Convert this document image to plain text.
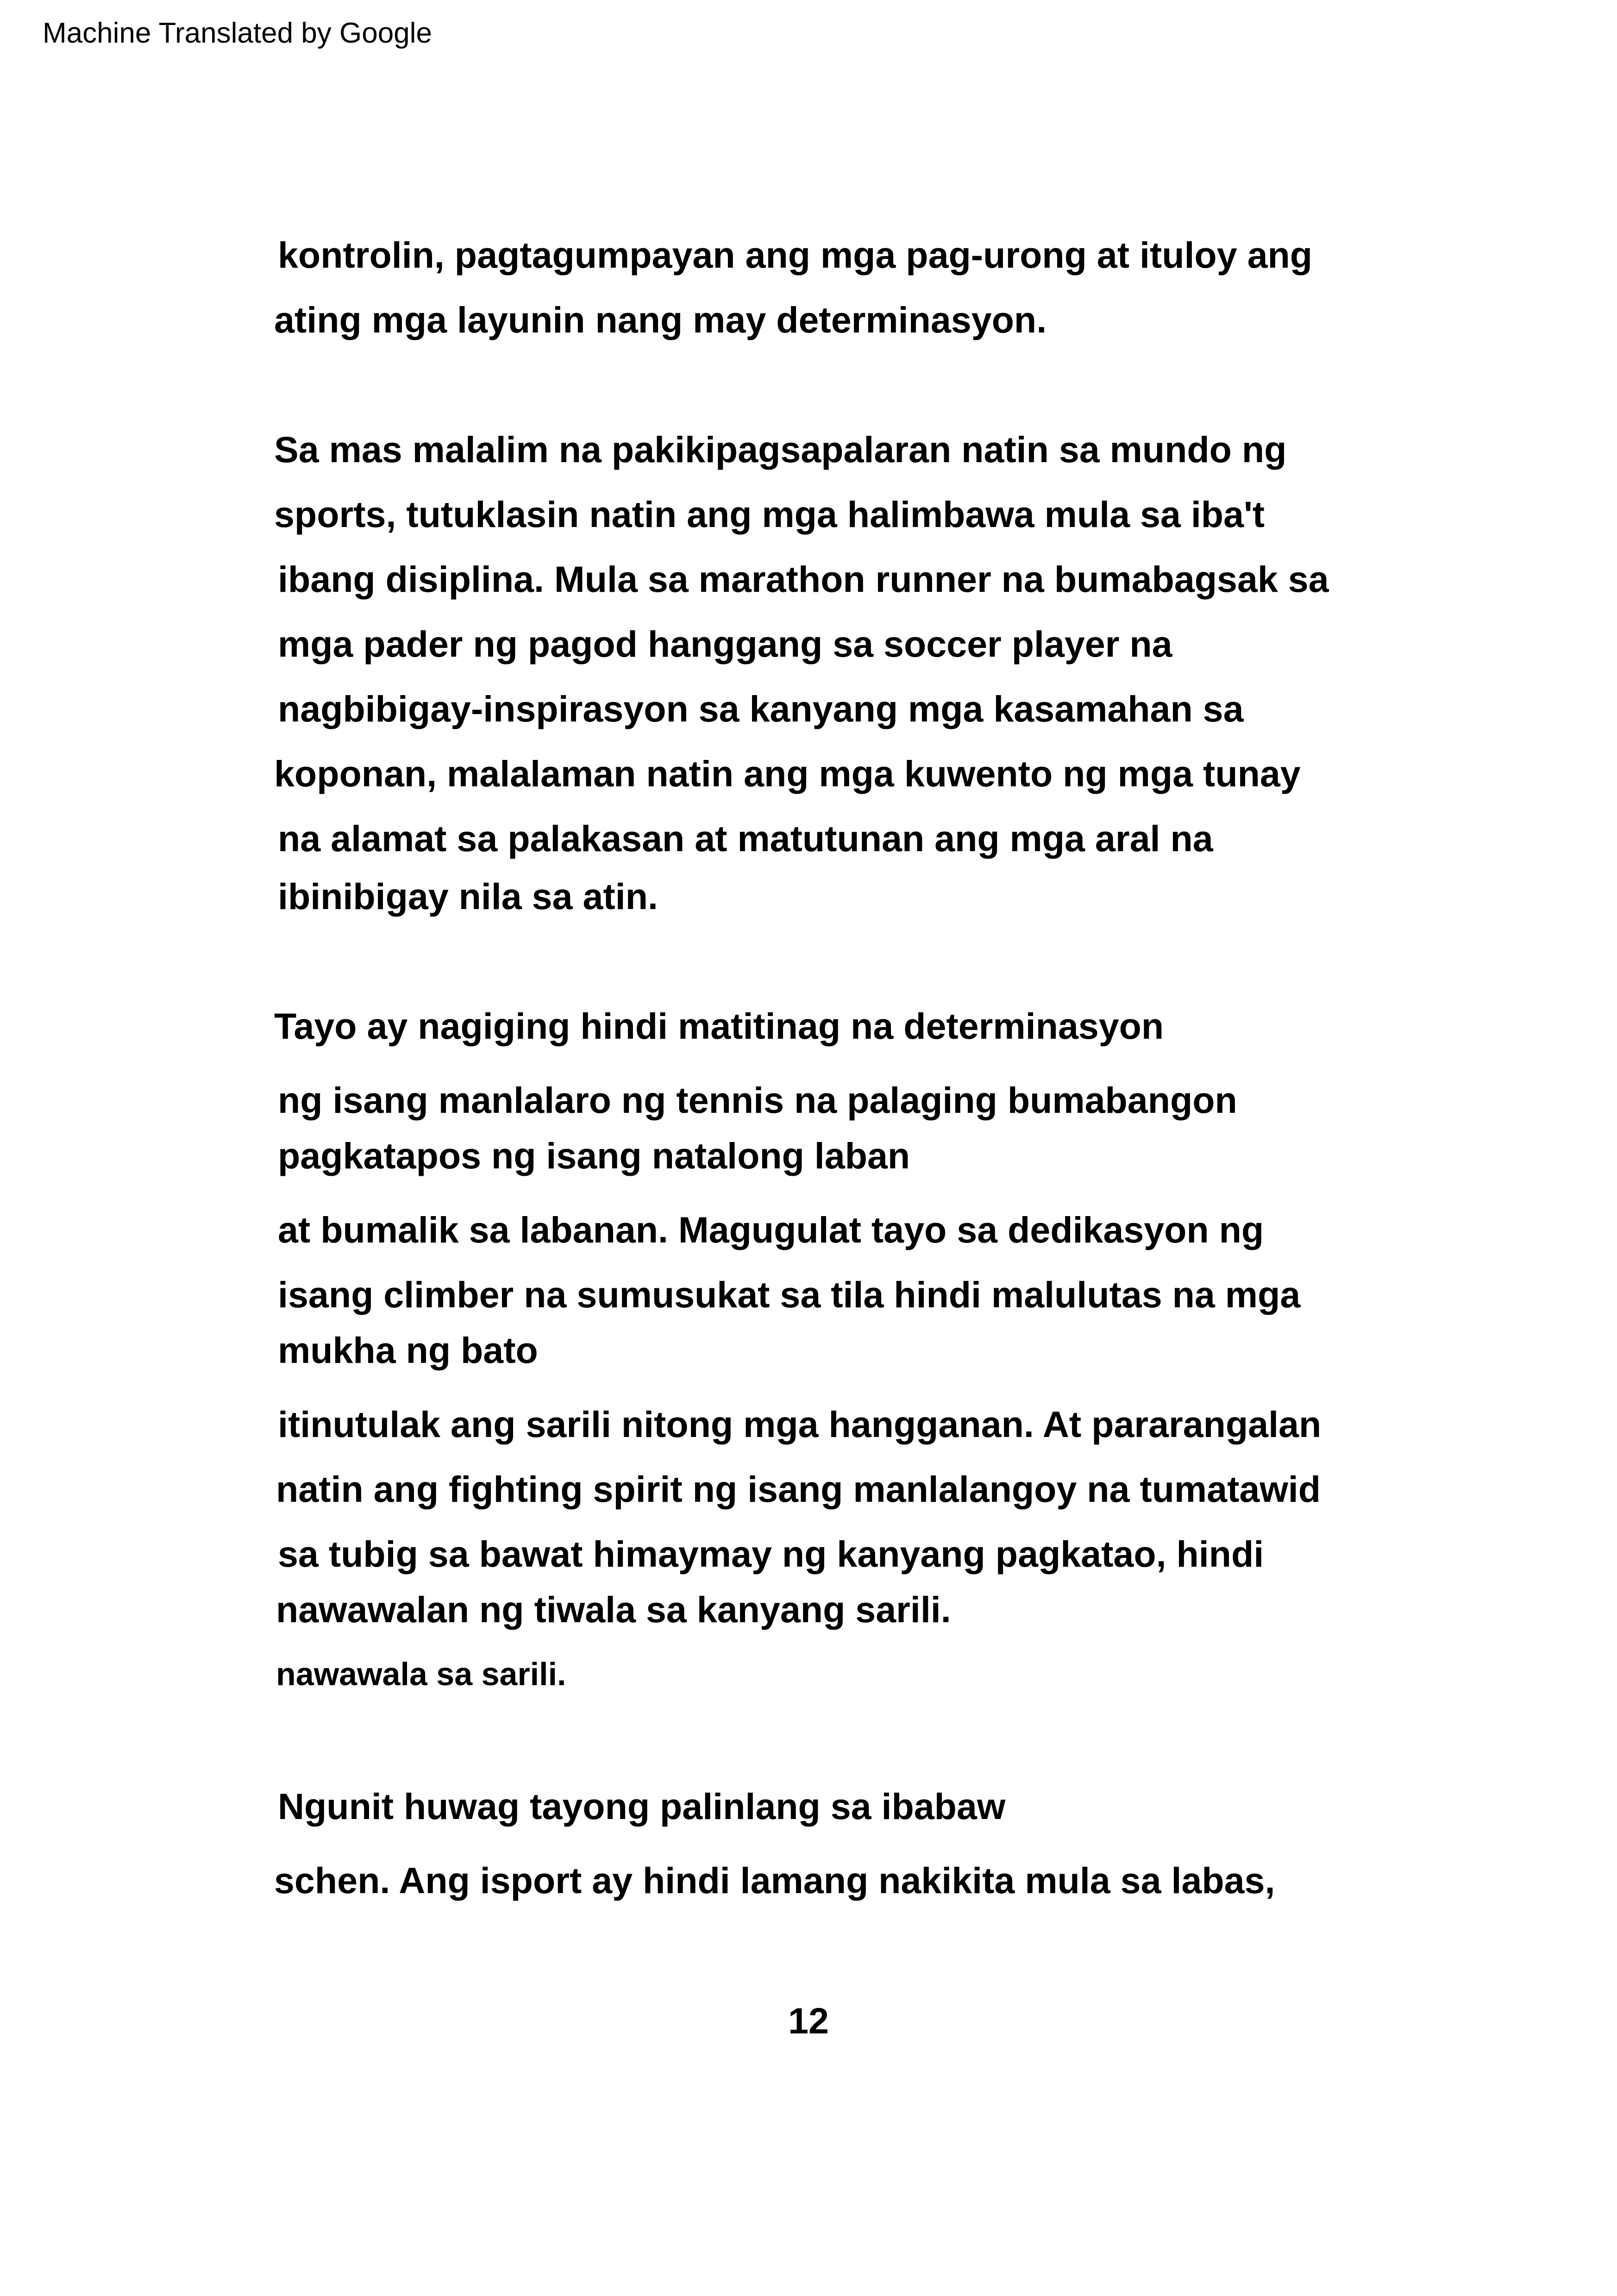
Machine Translated by Google
kontrolin, pagtagumpayan ang mga pag-urong at ituloy ang
ating mga layunin nang may determinasyon.
Sa mas malalim na pakikipagsapalaran natin sa mundo ng
sports, tutuklasin natin ang mga halimbawa mula sa iba't
ibang disiplina. Mula sa marathon runner na bumabagsak sa
mga pader ng pagod hanggang sa soccer player na
nagbibigay-inspirasyon sa kanyang mga kasamahan sa
koponan, malalaman natin ang mga kuwento ng mga tunay
na alamat sa palakasan at matutunan ang mga aral na
ibinibigay nila sa atin.
Tayo ay nagiging hindi matitinag na determinasyon
ng isang manlalaro ng tennis na palaging bumabangon
pagkatapos ng isang natalong laban
at bumalik sa labanan. Magugulat tayo sa dedikasyon ng
isang climber na sumusukat sa tila hindi malulutas na mga
mukha ng bato
itinutulak ang sarili nitong mga hangganan. At pararangalan
natin ang fighting spirit ng isang manlalangoy na tumatawid
sa tubig sa bawat himaymay ng kanyang pagkatao, hindi
nawawalan ng tiwala sa kanyang sarili.
nawawala sa sarili.
Ngunit huwag tayong palinlang sa ibabaw
schen. Ang isport ay hindi lamang nakikita mula sa labas,
12
